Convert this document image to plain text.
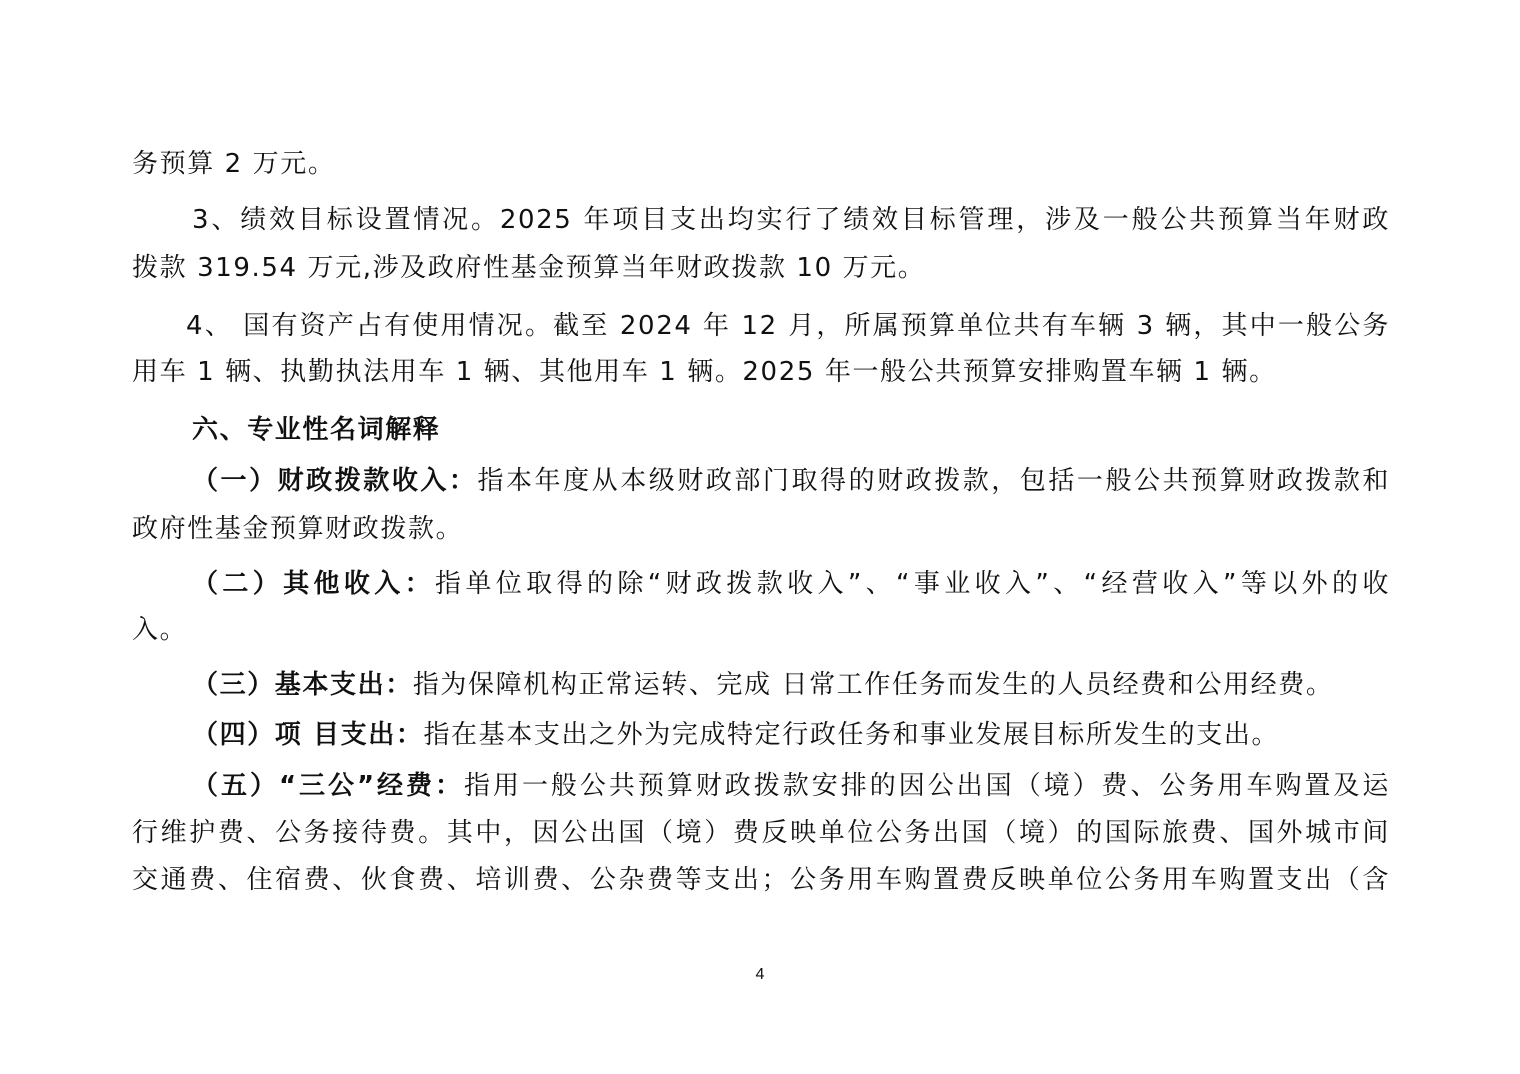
务预算 2 万元。
3、绩效目标设置情况。2025 年项目支出均实行了绩效目标管理，涉及一般公共预算当年财政
拨款 319.54 万元,涉及政府性基金预算当年财政拨款 10 万元。
4、 国有资产占有使用情况。截至 2024 年 12 月，所属预算单位共有车辆 3 辆，其中一般公务
用车 1 辆、执勤执法用车 1 辆、其他用车 1 辆。2025 年一般公共预算安排购置车辆 1 辆。
六、专业性名词解释
（一）财政拨款收入：指本年度从本级财政部门取得的财政拨款，包括一般公共预算财政拨款和
政府性基金预算财政拨款。
（二）其他收入：指单位取得的除“财政拨款收入”、“事业收入”、“经营收入”等以外的收
入。
（三）基本支出：指为保障机构正常运转、完成 日常工作任务而发生的人员经费和公用经费。
（四）项 目支出：指在基本支出之外为完成特定行政任务和事业发展目标所发生的支出。
（五）“三公”经费：指用一般公共预算财政拨款安排的因公出国（境）费、公务用车购置及运
行维护费、公务接待费。其中，因公出国（境）费反映单位公务出国（境）的国际旅费、国外城市间
交通费、住宿费、伙食费、培训费、公杂费等支出；公务用车购置费反映单位公务用车购置支出（含
4
